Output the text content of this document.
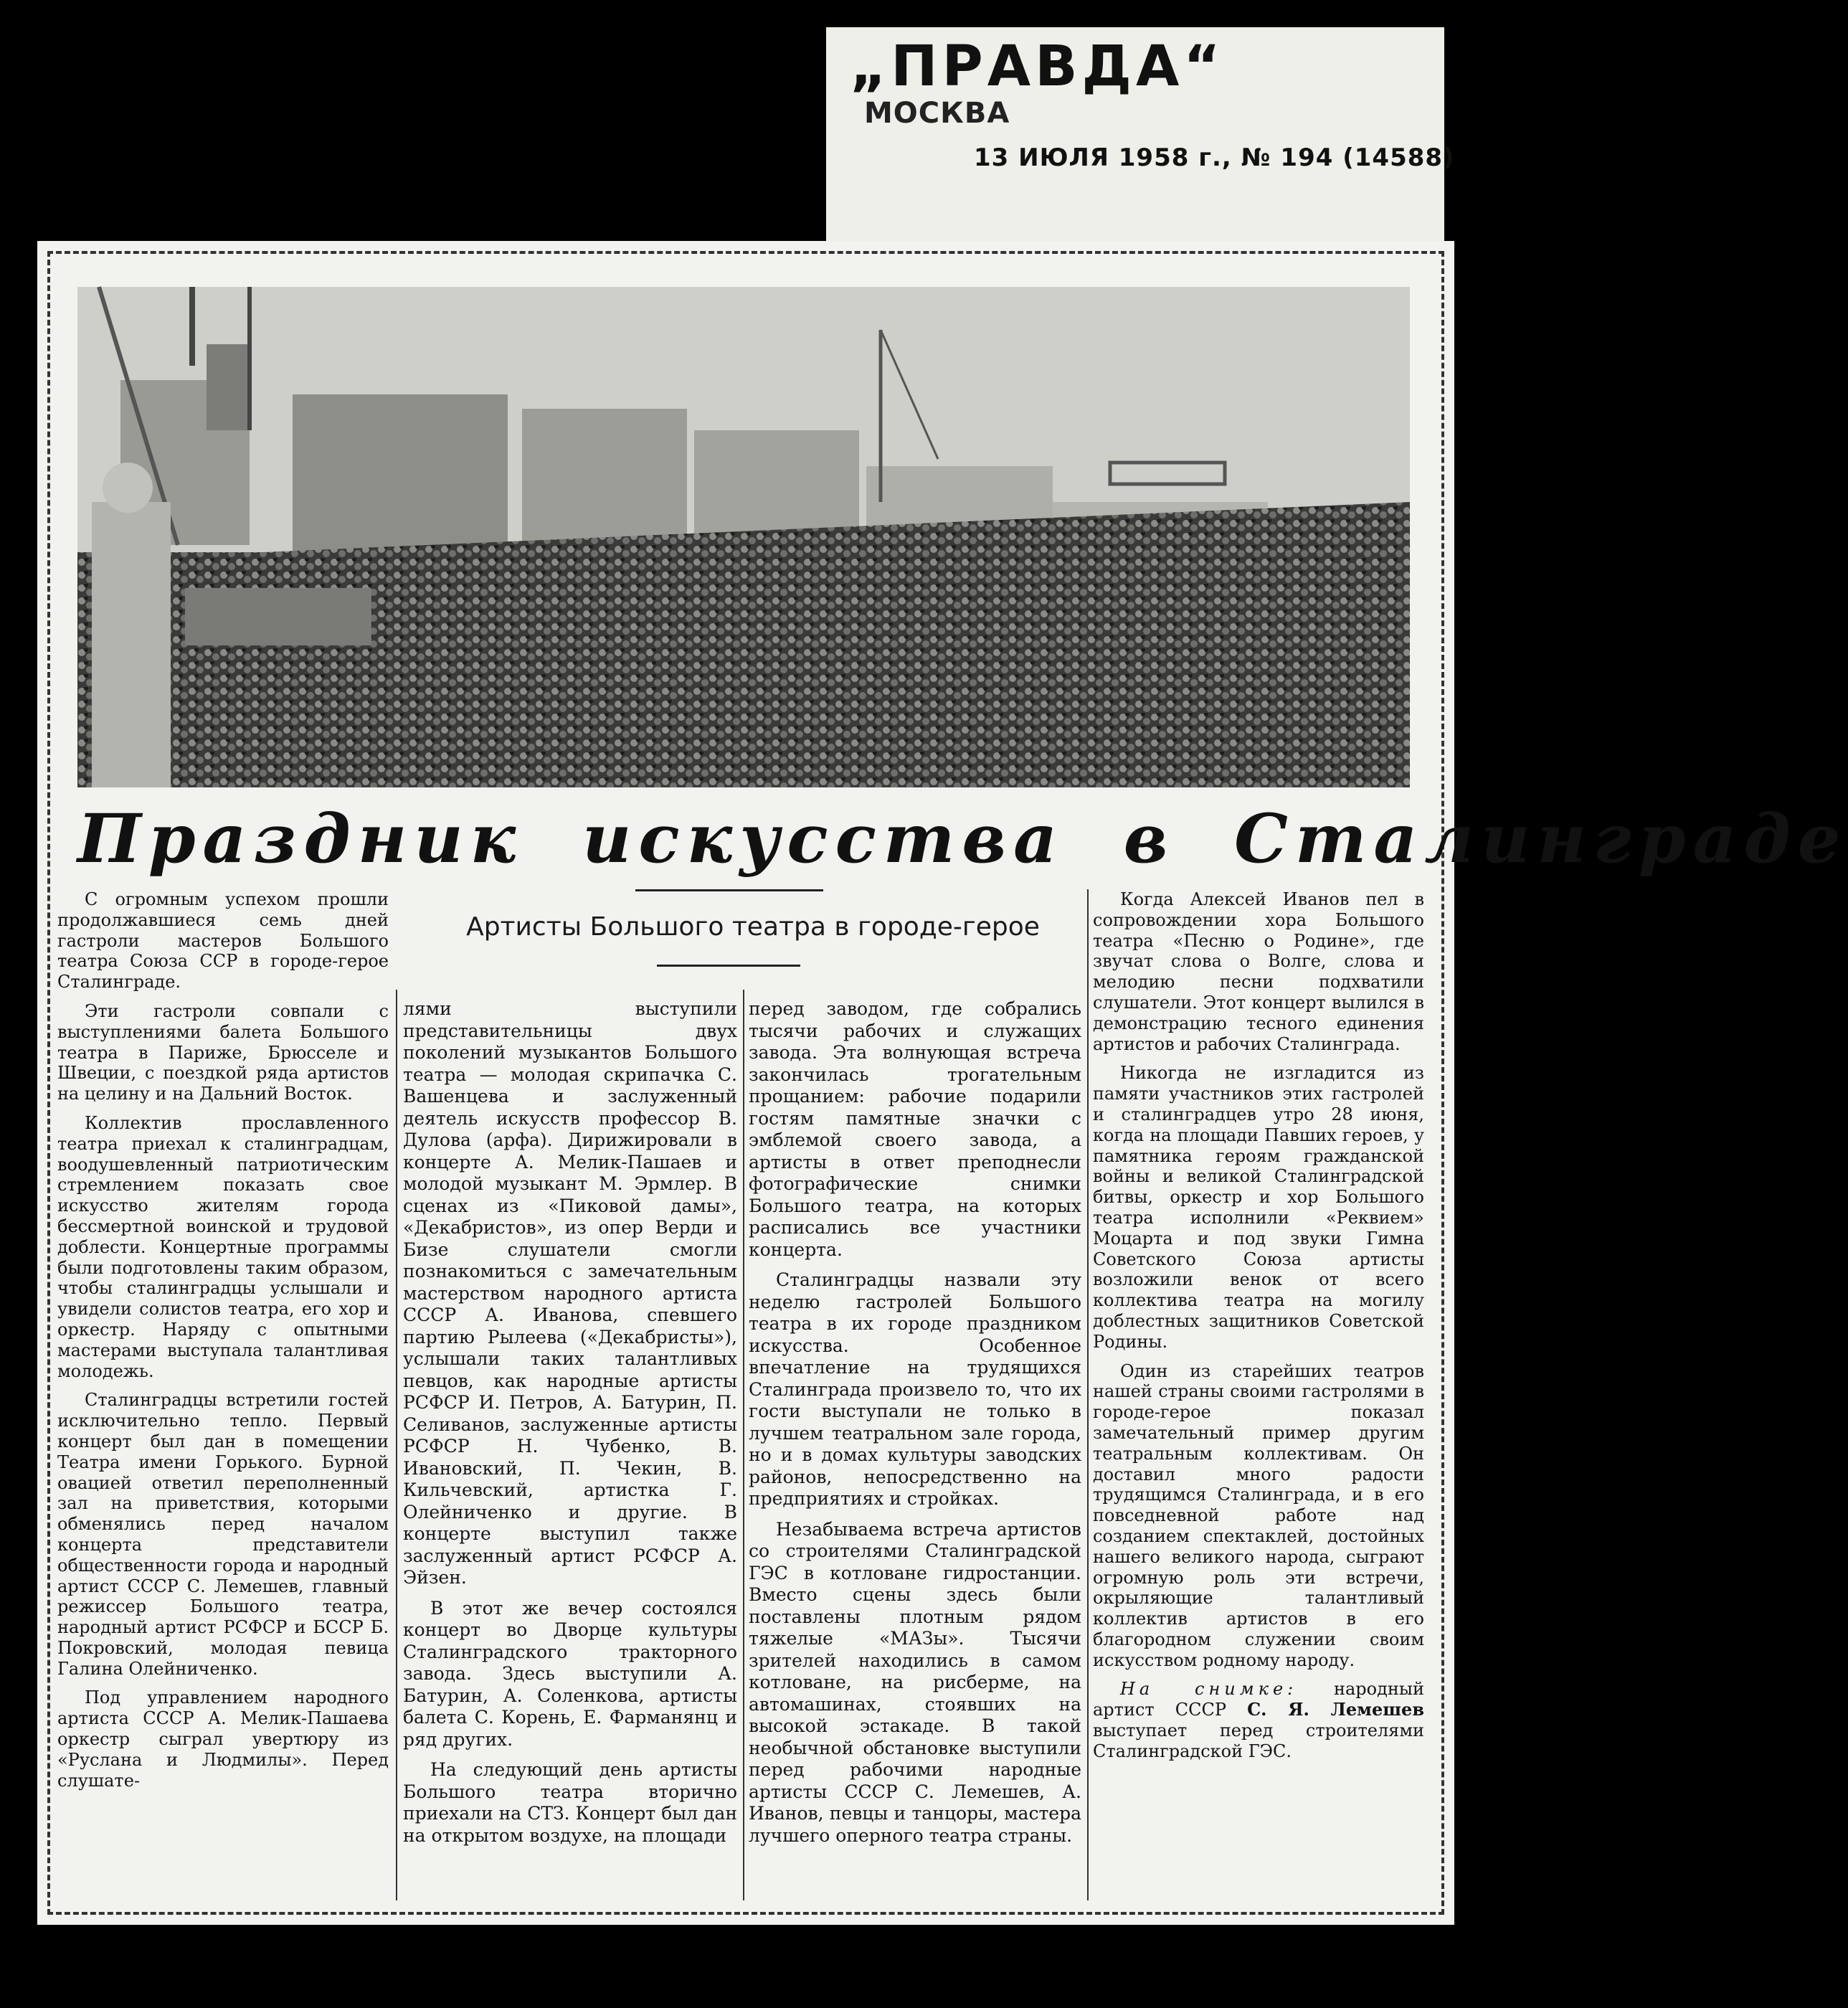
„ПРАВДА“
МОСКВА
13 ИЮЛЯ 1958 г., № 194 (14588)
Праздник искусства в Сталинграде
Артисты Большого театра в городе-герое

С огромным успехом прошли продолжавшиеся семь дней гастроли мастеров Большого театра Союза ССР в городе-герое Сталинграде.

Эти гастроли совпали с выступлениями балета Большого театра в Париже, Брюсселе и Швеции, с поездкой ряда артистов на целину и на Дальний Восток.

Коллектив прославленного театра приехал к сталинградцам, воодушевленный патриотическим стремлением показать свое искусство жителям города бессмертной воинской и трудовой доблести. Концертные программы были подготовлены таким образом, чтобы сталинградцы услышали и увидели солистов театра, его хор и оркестр. Наряду с опытными мастерами выступала талантливая молодежь.

Сталинградцы встретили гостей исключительно тепло. Первый концерт был дан в помещении Театра имени Горького. Бурной овацией ответил переполненный зал на приветствия, которыми обменялись перед началом концерта представители общественности города и народный артист СССР С. Лемешев, главный режиссер Большого театра, народный артист РСФСР и БССР Б. Покровский, молодая певица Галина Олейниченко.

Под управлением народного артиста СССР А. Мелик-Пашаева оркестр сыграл увертюру из «Руслана и Людмилы». Перед слушате-

лями выступили представительницы двух поколений музыкантов Большого театра — молодая скрипачка С. Вашенцева и заслуженный деятель искусств профессор В. Дулова (арфа). Дирижировали в концерте А. Мелик-Пашаев и молодой музыкант М. Эрмлер. В сценах из «Пиковой дамы», «Декабристов», из опер Верди и Бизе слушатели смогли познакомиться с замечательным мастерством народного артиста СССР А. Иванова, спевшего партию Рылеева («Декабристы»), услышали таких талантливых певцов, как народные артисты РСФСР И. Петров, А. Батурин, П. Селиванов, заслуженные артисты РСФСР Н. Чубенко, В. Ивановский, П. Чекин, В. Кильчевский, артистка Г. Олейниченко и другие. В концерте выступил также заслуженный артист РСФСР А. Эйзен.

В этот же вечер состоялся концерт во Дворце культуры Сталинградского тракторного завода. Здесь выступили А. Батурин, А. Соленкова, артисты балета С. Корень, Е. Фарманянц и ряд других.

На следующий день артисты Большого театра вторично приехали на СТЗ. Концерт был дан на открытом воздухе, на площади

перед заводом, где собрались тысячи рабочих и служащих завода. Эта волнующая встреча закончилась трогательным прощанием: рабочие подарили гостям памятные значки с эмблемой своего завода, а артисты в ответ преподнесли фотографические снимки Большого театра, на которых расписались все участники концерта.

Сталинградцы назвали эту неделю гастролей Большого театра в их городе праздником искусства. Особенное впечатление на трудящихся Сталинграда произвело то, что их гости выступали не только в лучшем театральном зале города, но и в домах культуры заводских районов, непосредственно на предприятиях и стройках.

Незабываема встреча артистов со строителями Сталинградской ГЭС в котловане гидростанции. Вместо сцены здесь были поставлены плотным рядом тяжелые «МАЗы». Тысячи зрителей находились в самом котловане, на рисберме, на автомашинах, стоявших на высокой эстакаде. В такой необычной обстановке выступили перед рабочими народные артисты СССР С. Лемешев, А. Иванов, певцы и танцоры, мастера лучшего оперного театра страны.

Когда Алексей Иванов пел в сопровождении хора Большого театра «Песню о Родине», где звучат слова о Волге, слова и мелодию песни подхватили слушатели. Этот концерт вылился в демонстрацию тесного единения артистов и рабочих Сталинграда.

Никогда не изгладится из памяти участников этих гастролей и сталинградцев утро 28 июня, когда на площади Павших героев, у памятника героям гражданской войны и великой Сталинградской битвы, оркестр и хор Большого театра исполнили «Реквием» Моцарта и под звуки Гимна Советского Союза артисты возложили венок от всего коллектива театра на могилу доблестных защитников Советской Родины.

Один из старейших театров нашей страны своими гастролями в городе-герое показал замечательный пример другим театральным коллективам. Он доставил много радости трудящимся Сталинграда, и в его повседневной работе над созданием спектаклей, достойных нашего великого народа, сыграют огромную роль эти встречи, окрыляющие талантливый коллектив артистов в его благородном служении своим искусством родному народу.

На снимке: народный артист СССР С. Я. Лемешев выступает перед строителями Сталинградской ГЭС.
